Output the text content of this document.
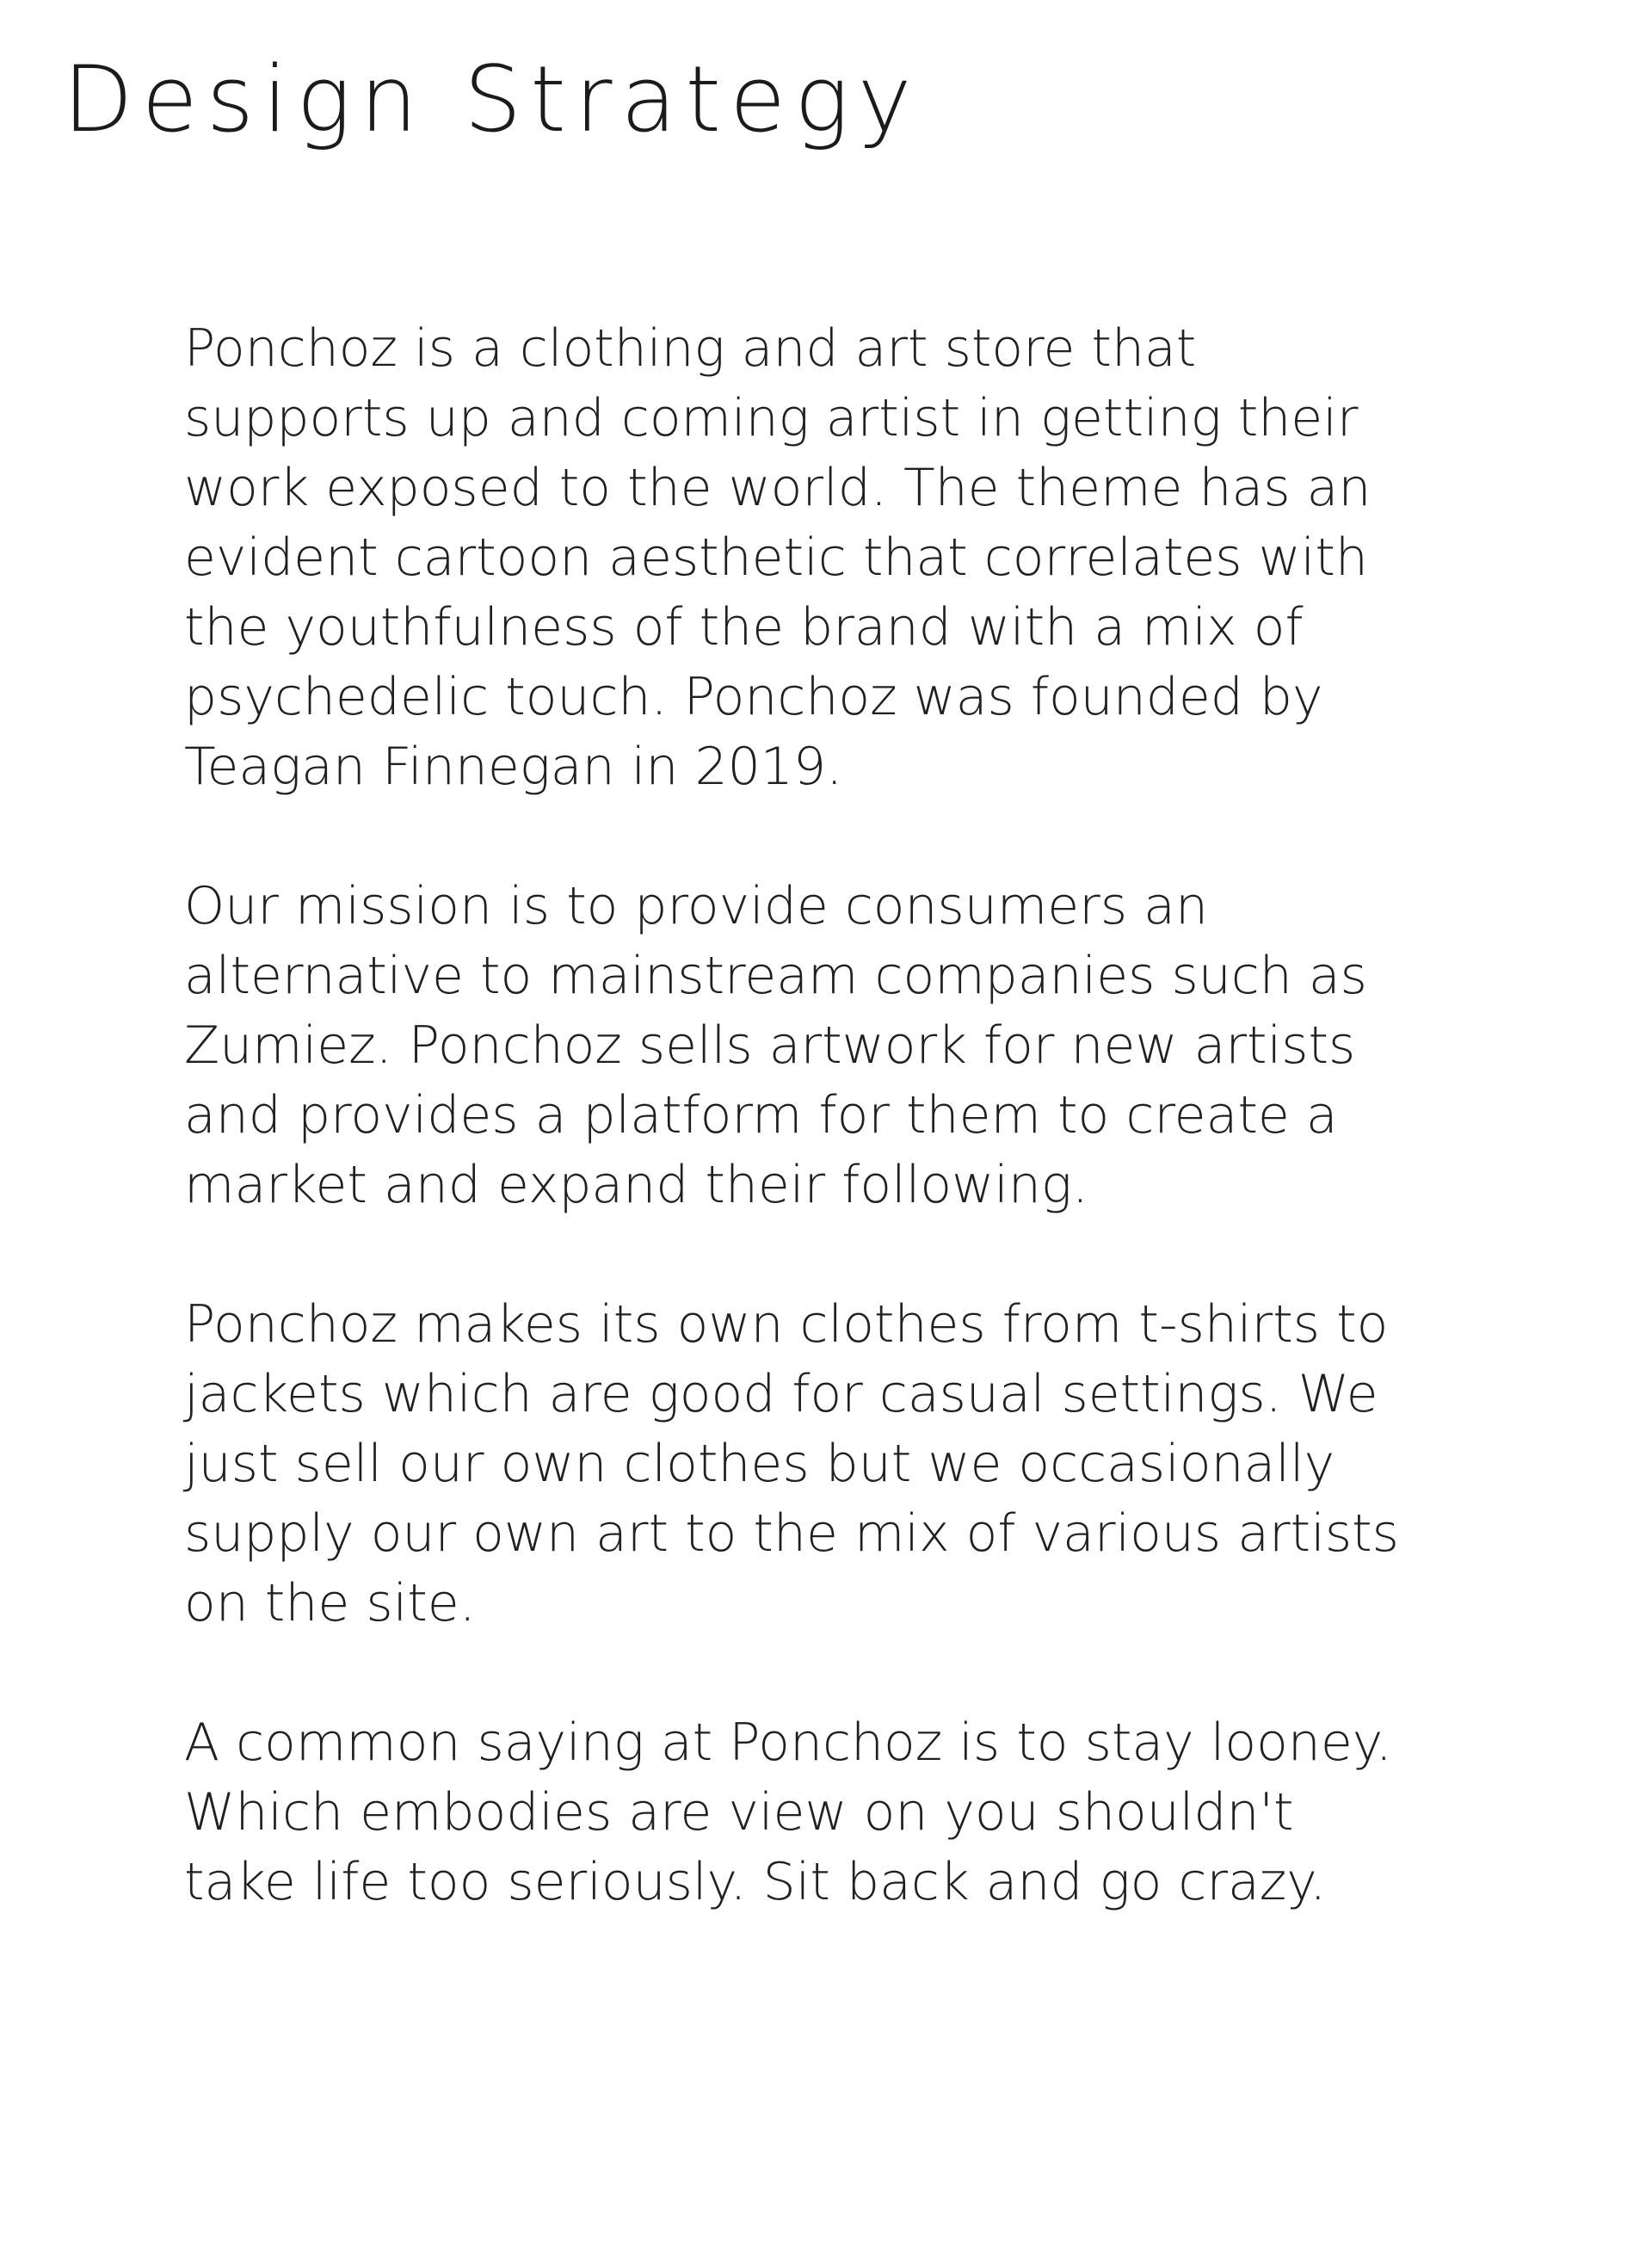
Design Strategy

Ponchoz is a clothing and art store that
supports up and coming artist in getting their
work exposed to the world. The theme has an
evident cartoon aesthetic that correlates with
the youthfulness of the brand with a mix of
psychedelic touch. Ponchoz was founded by
Teagan Finnegan in 2019.

Our mission is to provide consumers an
alternative to mainstream companies such as
Zumiez. Ponchoz sells artwork for new artists
and provides a platform for them to create a
market and expand their following.

Ponchoz makes its own clothes from t-shirts to
jackets which are good for casual settings. We
just sell our own clothes but we occasionally
supply our own art to the mix of various artists
on the site.

A common saying at Ponchoz is to stay looney.
Which embodies are view on you shouldn't
take life too seriously. Sit back and go crazy.
